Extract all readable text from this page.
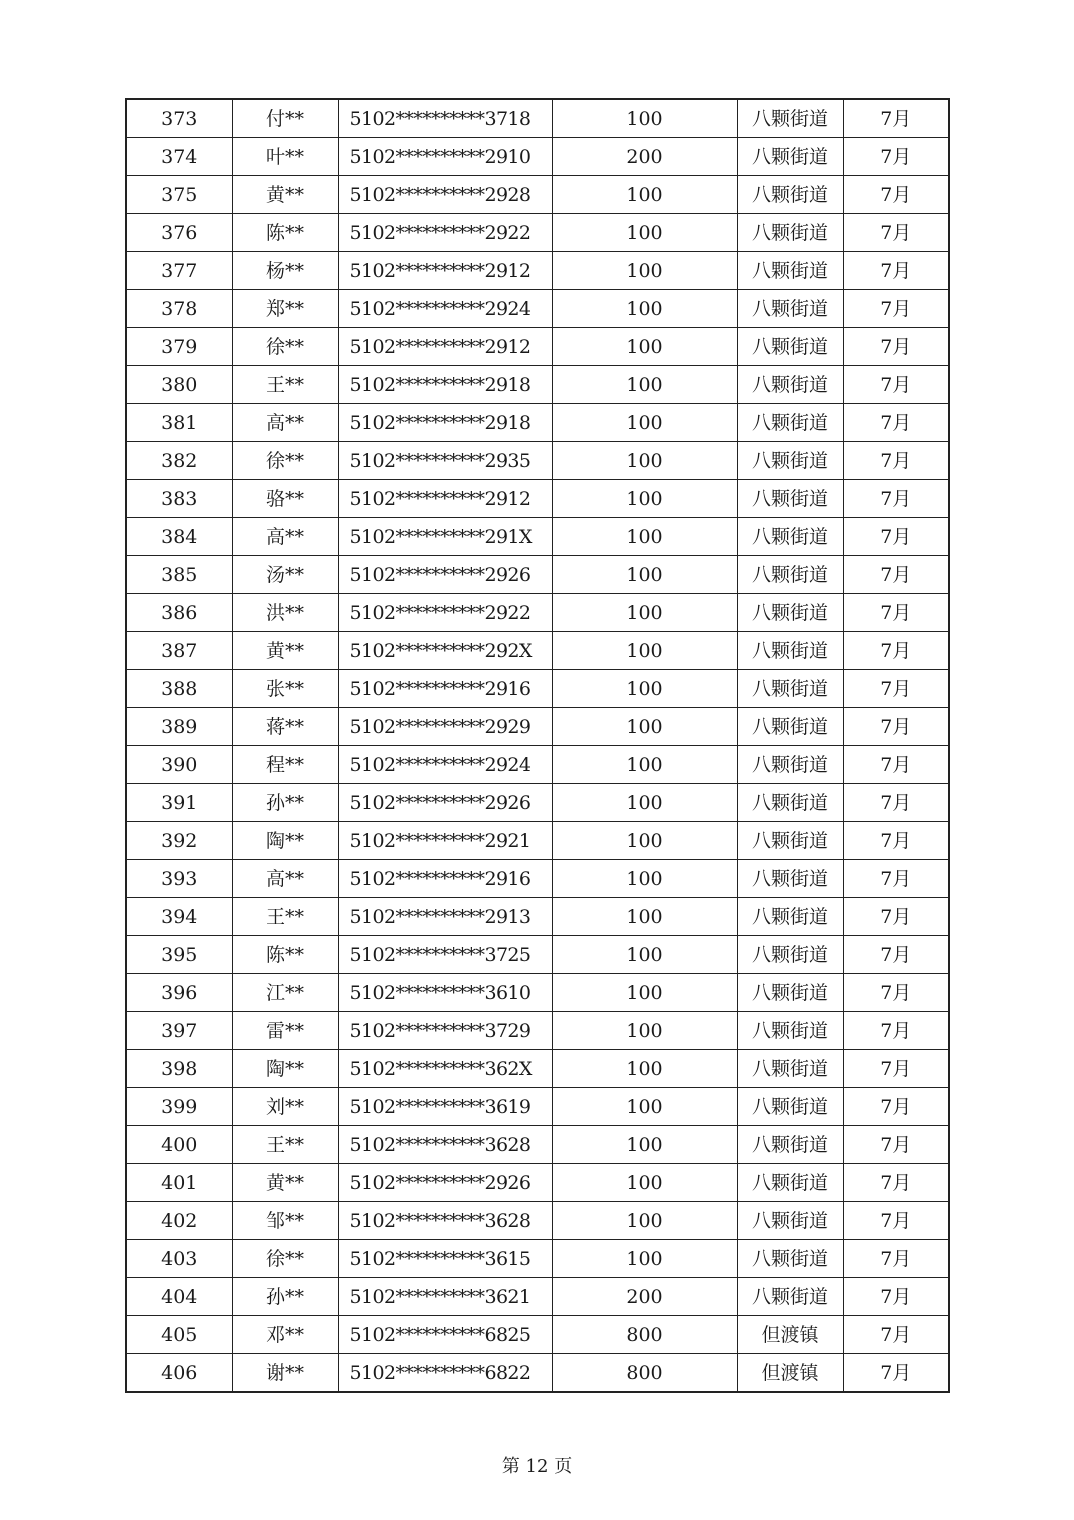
373	付**	5102**********3718	100	八颗街道	7月
374	叶**	5102**********2910	200	八颗街道	7月
375	黄**	5102**********2928	100	八颗街道	7月
376	陈**	5102**********2922	100	八颗街道	7月
377	杨**	5102**********2912	100	八颗街道	7月
378	郑**	5102**********2924	100	八颗街道	7月
379	徐**	5102**********2912	100	八颗街道	7月
380	王**	5102**********2918	100	八颗街道	7月
381	高**	5102**********2918	100	八颗街道	7月
382	徐**	5102**********2935	100	八颗街道	7月
383	骆**	5102**********2912	100	八颗街道	7月
384	高**	5102**********291X	100	八颗街道	7月
385	汤**	5102**********2926	100	八颗街道	7月
386	洪**	5102**********2922	100	八颗街道	7月
387	黄**	5102**********292X	100	八颗街道	7月
388	张**	5102**********2916	100	八颗街道	7月
389	蒋**	5102**********2929	100	八颗街道	7月
390	程**	5102**********2924	100	八颗街道	7月
391	孙**	5102**********2926	100	八颗街道	7月
392	陶**	5102**********2921	100	八颗街道	7月
393	高**	5102**********2916	100	八颗街道	7月
394	王**	5102**********2913	100	八颗街道	7月
395	陈**	5102**********3725	100	八颗街道	7月
396	江**	5102**********3610	100	八颗街道	7月
397	雷**	5102**********3729	100	八颗街道	7月
398	陶**	5102**********362X	100	八颗街道	7月
399	刘**	5102**********3619	100	八颗街道	7月
400	王**	5102**********3628	100	八颗街道	7月
401	黄**	5102**********2926	100	八颗街道	7月
402	邹**	5102**********3628	100	八颗街道	7月
403	徐**	5102**********3615	100	八颗街道	7月
404	孙**	5102**********3621	200	八颗街道	7月
405	邓**	5102**********6825	800	但渡镇	7月
406	谢**	5102**********6822	800	但渡镇	7月
第 12 页
